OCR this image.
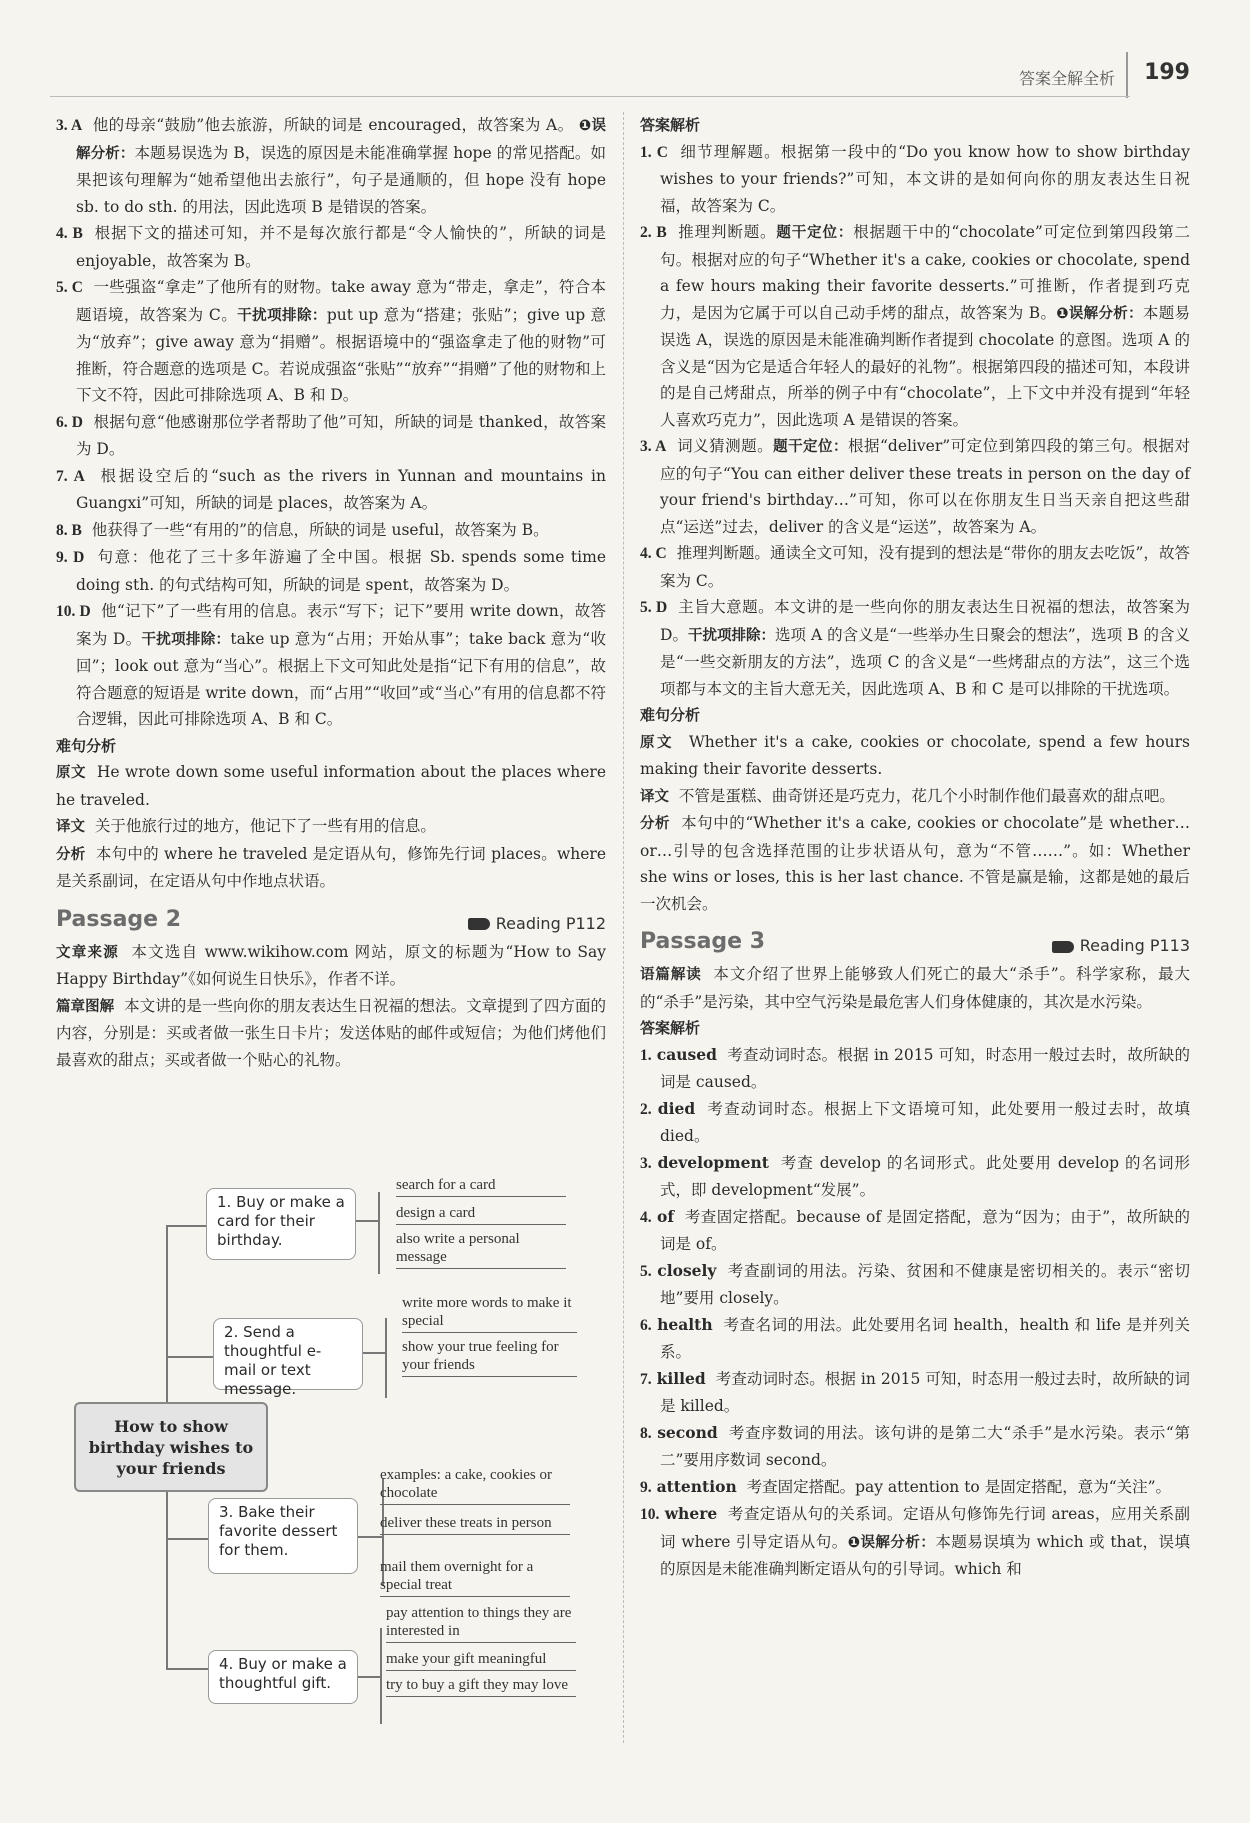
答案全解全析 199

3. A 他的母亲“鼓励”他去旅游，所缺的词是 encouraged，故答案为 A。 ❶误解分析：本题易误选为 B，误选的原因是未能准确掌握 hope 的常见搭配。如果把该句理解为“她希望他出去旅行”，句子是通顺的，但 hope 没有 hope sb. to do sth. 的用法，因此选项 B 是错误的答案。

4. B 根据下文的描述可知，并不是每次旅行都是“令人愉快的”，所缺的词是 enjoyable，故答案为 B。

5. C 一些强盗“拿走”了他所有的财物。take away 意为“带走，拿走”，符合本题语境，故答案为 C。干扰项排除：put up 意为“搭建；张贴”；give up 意为“放弃”；give away 意为“捐赠”。根据语境中的“强盗拿走了他的财物”可推断，符合题意的选项是 C。若说成强盗“张贴”“放弃”“捐赠”了他的财物和上下文不符，因此可排除选项 A、B 和 D。

6. D 根据句意“他感谢那位学者帮助了他”可知，所缺的词是 thanked，故答案为 D。

7. A 根据设空后的“such as the rivers in Yunnan and mountains in Guangxi”可知，所缺的词是 places，故答案为 A。

8. B 他获得了一些“有用的”的信息，所缺的词是 useful，故答案为 B。

9. D 句意：他花了三十多年游遍了全中国。根据 Sb. spends some time doing sth. 的句式结构可知，所缺的词是 spent，故答案为 D。

10. D 他“记下”了一些有用的信息。表示“写下；记下”要用 write down，故答案为 D。干扰项排除：take up 意为“占用；开始从事”；take back 意为“收回”；look out 意为“当心”。根据上下文可知此处是指“记下有用的信息”，故符合题意的短语是 write down，而“占用”“收回”或“当心”有用的信息都不符合逻辑，因此可排除选项 A、B 和 C。

难句分析

原文 He wrote down some useful information about the places where he traveled.

译文 关于他旅行过的地方，他记下了一些有用的信息。

分析 本句中的 where he traveled 是定语从句，修饰先行词 places。where 是关系副词，在定语从句中作地点状语。

Passage 2	Reading P112

文章来源 本文选自 www.wikihow.com 网站，原文的标题为“How to Say Happy Birthday”《如何说生日快乐》，作者不详。

篇章图解 本文讲的是一些向你的朋友表达生日祝福的想法。文章提到了四方面的内容，分别是：买或者做一张生日卡片；发送体贴的邮件或短信；为他们烤他们最喜欢的甜点；买或者做一个贴心的礼物。

How to show birthday wishes to your friends
1. Buy or make a card for their birthday.
search for a card
design a card
also write a personal message
2. Send a thoughtful e-mail or text message.
write more words to make it special
show your true feeling for your friends
3. Bake their favorite dessert for them.
examples: a cake, cookies or chocolate
deliver these treats in person
mail them overnight for a special treat
4. Buy or make a thoughtful gift.
pay attention to things they are interested in
make your gift meaningful
try to buy a gift they may love

答案解析

1. C 细节理解题。根据第一段中的“Do you know how to show birthday wishes to your friends?”可知，本文讲的是如何向你的朋友表达生日祝福，故答案为 C。

2. B 推理判断题。题干定位：根据题干中的“chocolate”可定位到第四段第二句。根据对应的句子“Whether it's a cake, cookies or chocolate, spend a few hours making their favorite desserts.”可推断，作者提到巧克力，是因为它属于可以自己动手烤的甜点，故答案为 B。❶误解分析：本题易误选 A，误选的原因是未能准确判断作者提到 chocolate 的意图。选项 A 的含义是“因为它是适合年轻人的最好的礼物”。根据第四段的描述可知，本段讲的是自己烤甜点，所举的例子中有“chocolate”，上下文中并没有提到“年轻人喜欢巧克力”，因此选项 A 是错误的答案。

3. A 词义猜测题。题干定位：根据“deliver”可定位到第四段的第三句。根据对应的句子“You can either deliver these treats in person on the day of your friend's birthday…”可知，你可以在你朋友生日当天亲自把这些甜点“运送”过去，deliver 的含义是“运送”，故答案为 A。

4. C 推理判断题。通读全文可知，没有提到的想法是“带你的朋友去吃饭”，故答案为 C。

5. D 主旨大意题。本文讲的是一些向你的朋友表达生日祝福的想法，故答案为 D。干扰项排除：选项 A 的含义是“一些举办生日聚会的想法”，选项 B 的含义是“一些交新朋友的方法”，选项 C 的含义是“一些烤甜点的方法”，这三个选项都与本文的主旨大意无关，因此选项 A、B 和 C 是可以排除的干扰选项。

难句分析

原文 Whether it's a cake, cookies or chocolate, spend a few hours making their favorite desserts.

译文 不管是蛋糕、曲奇饼还是巧克力，花几个小时制作他们最喜欢的甜点吧。

分析 本句中的“Whether it's a cake, cookies or chocolate”是 whether…or…引导的包含选择范围的让步状语从句，意为“不管……”。如：Whether she wins or loses, this is her last chance. 不管是赢是输，这都是她的最后一次机会。

Passage 3	Reading P113

语篇解读 本文介绍了世界上能够致人们死亡的最大“杀手”。科学家称，最大的“杀手”是污染，其中空气污染是最危害人们身体健康的，其次是水污染。

答案解析

1. caused 考查动词时态。根据 in 2015 可知，时态用一般过去时，故所缺的词是 caused。

2. died 考查动词时态。根据上下文语境可知，此处要用一般过去时，故填 died。

3. development 考查 develop 的名词形式。此处要用 develop 的名词形式，即 development“发展”。

4. of 考查固定搭配。because of 是固定搭配，意为“因为；由于”，故所缺的词是 of。

5. closely 考查副词的用法。污染、贫困和不健康是密切相关的。表示“密切地”要用 closely。

6. health 考查名词的用法。此处要用名词 health，health 和 life 是并列关系。

7. killed 考查动词时态。根据 in 2015 可知，时态用一般过去时，故所缺的词是 killed。

8. second 考查序数词的用法。该句讲的是第二大“杀手”是水污染。表示“第二”要用序数词 second。

9. attention 考查固定搭配。pay attention to 是固定搭配，意为“关注”。

10. where 考查定语从句的关系词。定语从句修饰先行词 areas，应用关系副词 where 引导定语从句。❶误解分析：本题易误填为 which 或 that，误填的原因是未能准确判断定语从句的引导词。which 和
